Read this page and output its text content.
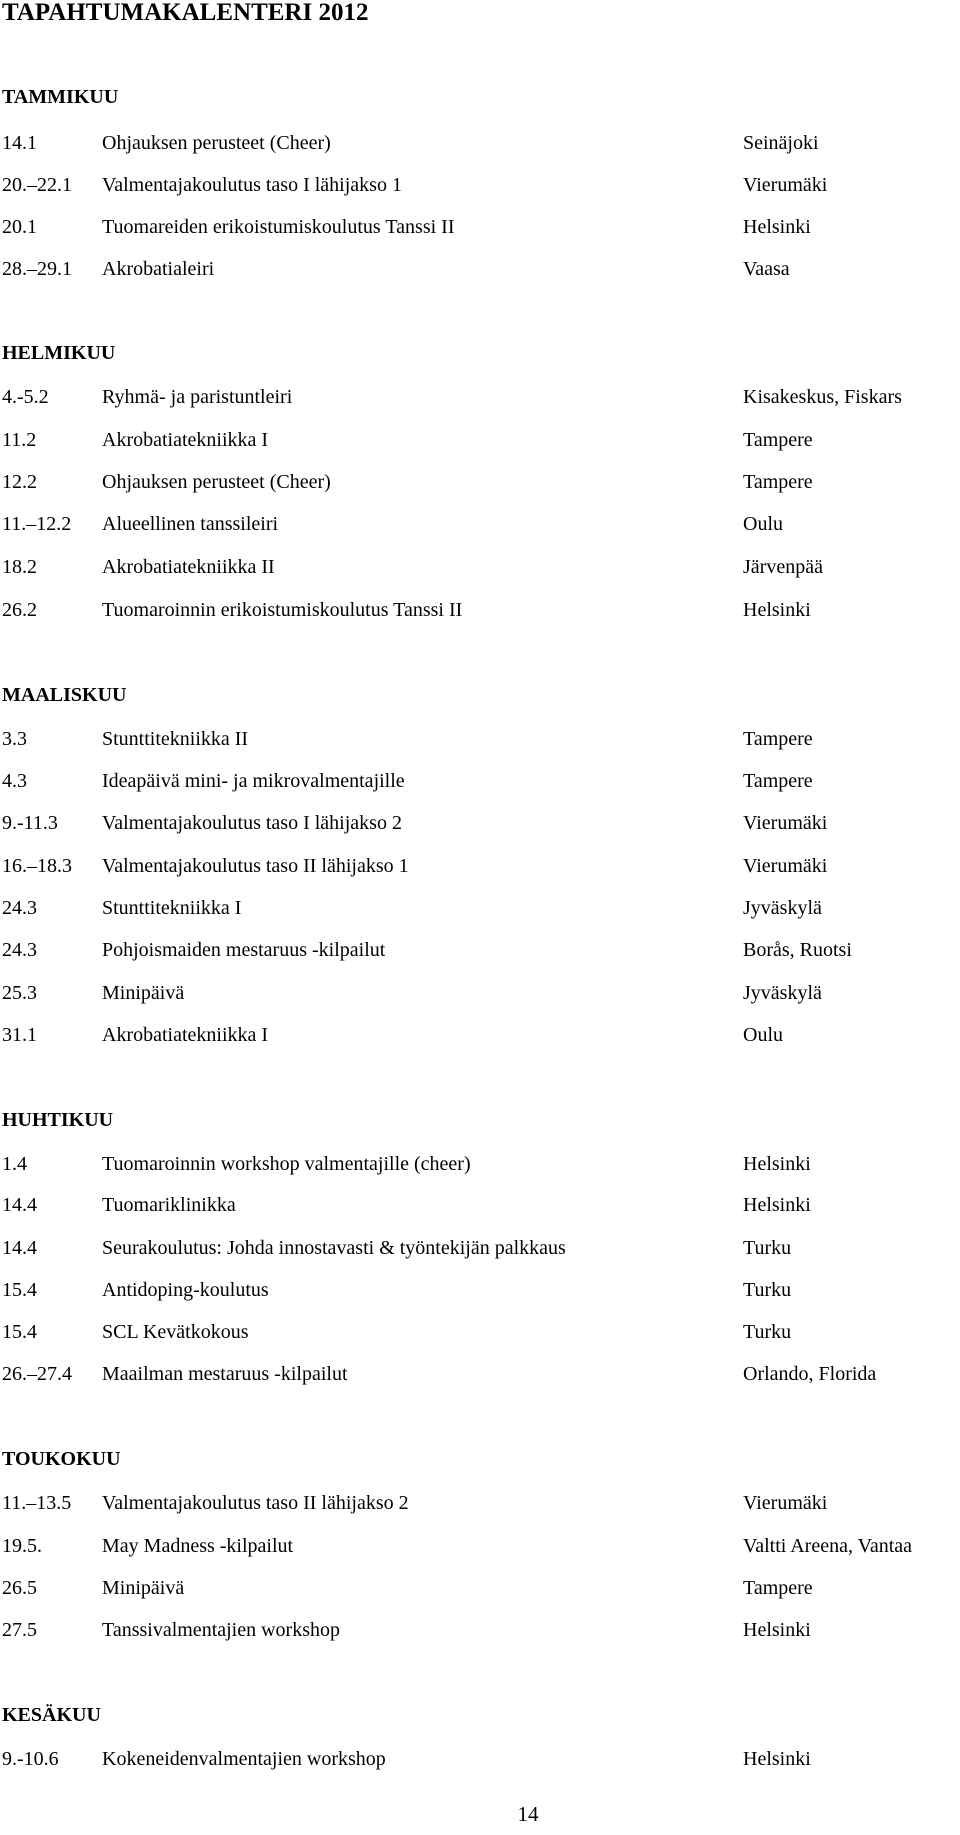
TAPAHTUMAKALENTERI 2012
TAMMIKUU
14.1	Ohjauksen perusteet (Cheer)	Seinäjoki
20.–22.1 Valmentajakoulutus taso I lähijakso 1	Vierumäki
20.1	Tuomareiden erikoistumiskoulutus Tanssi II	Helsinki
28.–29.1 Akrobatialeiri	Vaasa
HELMIKUU
4.-5.2	Ryhmä- ja paristuntleiri	Kisakeskus, Fiskars
11.2	Akrobatiatekniikka I	Tampere
12.2	Ohjauksen perusteet (Cheer)	Tampere
11.–12.2 Alueellinen tanssileiri	Oulu
18.2	Akrobatiatekniikka II	Järvenpää
26.2	Tuomaroinnin erikoistumiskoulutus Tanssi II	Helsinki
MAALISKUU
3.3	Stunttitekniikka II	Tampere
4.3	Ideapäivä mini- ja mikrovalmentajille	Tampere
9.-11.3 Valmentajakoulutus taso I lähijakso 2	Vierumäki
16.–18.3 Valmentajakoulutus taso II lähijakso 1	Vierumäki
24.3	Stunttitekniikka I	Jyväskylä
24.3	Pohjoismaiden mestaruus -kilpailut	Borås, Ruotsi
25.3	Minipäivä	Jyväskylä
31.1	Akrobatiatekniikka I	Oulu
HUHTIKUU
1.4	Tuomaroinnin workshop valmentajille (cheer)	Helsinki
14.4	Tuomariklinikka	Helsinki
14.4	Seurakoulutus: Johda innostavasti & työntekijän palkkaus	Turku
15.4	Antidoping-koulutus	Turku
15.4	SCL Kevätkokous	Turku
26.–27.4 Maailman mestaruus -kilpailut	Orlando, Florida
TOUKOKUU
11.–13.5 Valmentajakoulutus taso II lähijakso 2	Vierumäki
19.5.	May Madness -kilpailut	Valtti Areena, Vantaa
26.5	Minipäivä	Tampere
27.5	Tanssivalmentajien workshop	Helsinki
KESÄKUU
9.-10.6 Kokeneidenvalmentajien workshop	Helsinki
14
